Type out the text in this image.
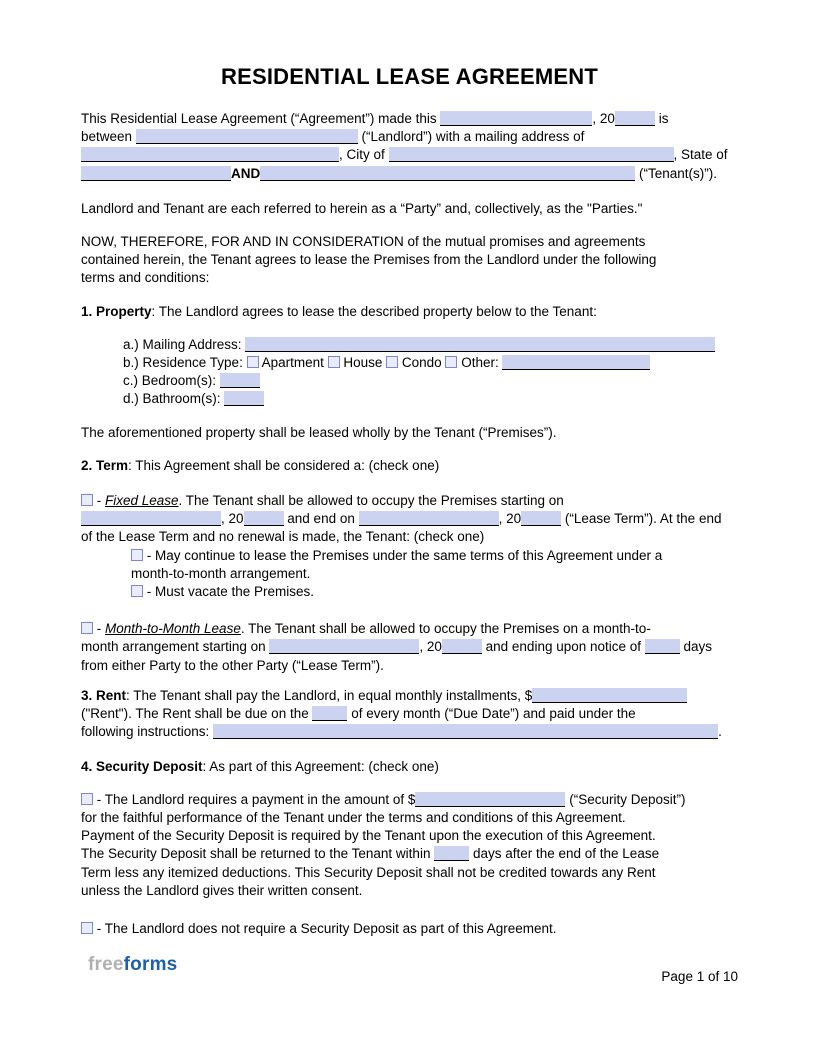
RESIDENTIAL LEASE AGREEMENT
This Residential Lease Agreement (“Agreement”) made this	, 20	is
between	(“Landlord”) with a mailing address of
, City of	, State of
AND	(“Tenant(s)”).
Landlord and Tenant are each referred to herein as a “Party” and, collectively, as the "Parties."
NOW, THEREFORE, FOR AND IN CONSIDERATION of the mutual promises and agreements
contained herein, the Tenant agrees to lease the Premises from the Landlord under the following
terms and conditions:
1. Property: The Landlord agrees to lease the described property below to the Tenant:
a.) Mailing Address:
b.) Residence Type:  Apartment  House  Condo  Other:
c.) Bedroom(s):
d.) Bathroom(s):
The aforementioned property shall be leased wholly by the Tenant (“Premises”).
2. Term: This Agreement shall be considered a: (check one)
- Fixed Lease. The Tenant shall be allowed to occupy the Premises starting on
, 20	and end on	, 20	(“Lease Term”). At the end
of the Lease Term and no renewal is made, the Tenant: (check one)
- May continue to lease the Premises under the same terms of this Agreement under a
month-to-month arrangement.
- Must vacate the Premises.
- Month-to-Month Lease. The Tenant shall be allowed to occupy the Premises on a month-to-
month arrangement starting on	, 20	and ending upon notice of	days
from either Party to the other Party (“Lease Term”).
3. Rent: The Tenant shall pay the Landlord, in equal monthly installments, $
("Rent"). The Rent shall be due on the	of every month (“Due Date”) and paid under the
following instructions:	.
4. Security Deposit: As part of this Agreement: (check one)
- The Landlord requires a payment in the amount of $	(“Security Deposit”)
for the faithful performance of the Tenant under the terms and conditions of this Agreement.
Payment of the Security Deposit is required by the Tenant upon the execution of this Agreement.
The Security Deposit shall be returned to the Tenant within	days after the end of the Lease
Term less any itemized deductions. This Security Deposit shall not be credited towards any Rent
unless the Landlord gives their written consent.
- The Landlord does not require a Security Deposit as part of this Agreement.
freeforms
Page 1 of 10
